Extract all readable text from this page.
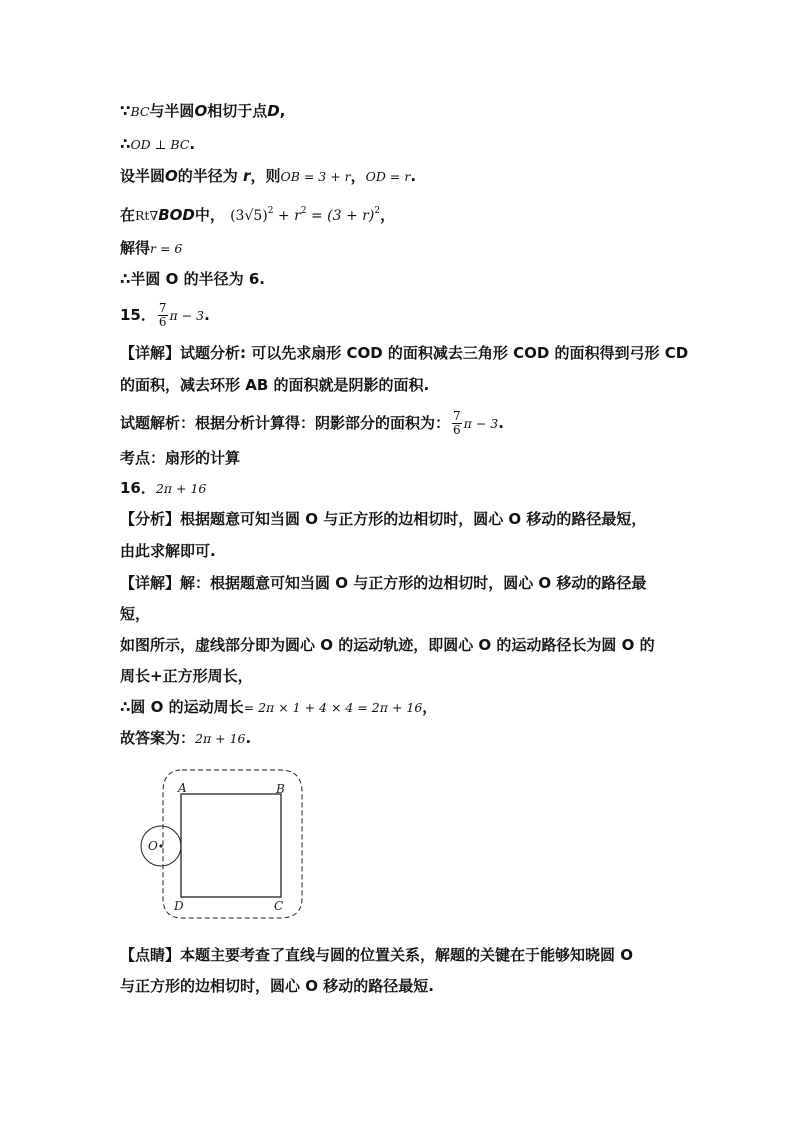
∵BC与半圆O相切于点D,
∴OD ⊥ BC.
设半圆O的半径为 r，则OB = 3 + r，OD = r.
在Rt∇BOD中， $(3√5)^2 + r^2 = (3 + r)^2$，
解得r = 6
∴半圆 O 的半径为 6.
15． $\frac{7}{6}$ π − 3.
【详解】试题分析: 可以先求扇形 COD 的面积减去三角形 COD 的面积得到弓形 CD
的面积，减去环形 AB 的面积就是阴影的面积.
试题解析：根据分析计算得：阴影部分的面积为： $\frac{7}{6}$ π − 3.
考点：扇形的计算
16．2π + 16
【分析】根据题意可知当圆 O 与正方形的边相切时，圆心 O 移动的路径最短，
由此求解即可.
【详解】解：根据题意可知当圆 O 与正方形的边相切时，圆心 O 移动的路径最
短，
如图所示，虚线部分即为圆心 O 的运动轨迹，即圆心 O 的运动路径长为圆 O 的
周长+正方形周长，
∴圆 O 的运动周长= 2π × 1 + 4 × 4 = 2π + 16，
故答案为：2π + 16.
A	B
C
D
O
【点睛】本题主要考查了直线与圆的位置关系，解题的关键在于能够知晓圆 O
与正方形的边相切时，圆心 O 移动的路径最短.
